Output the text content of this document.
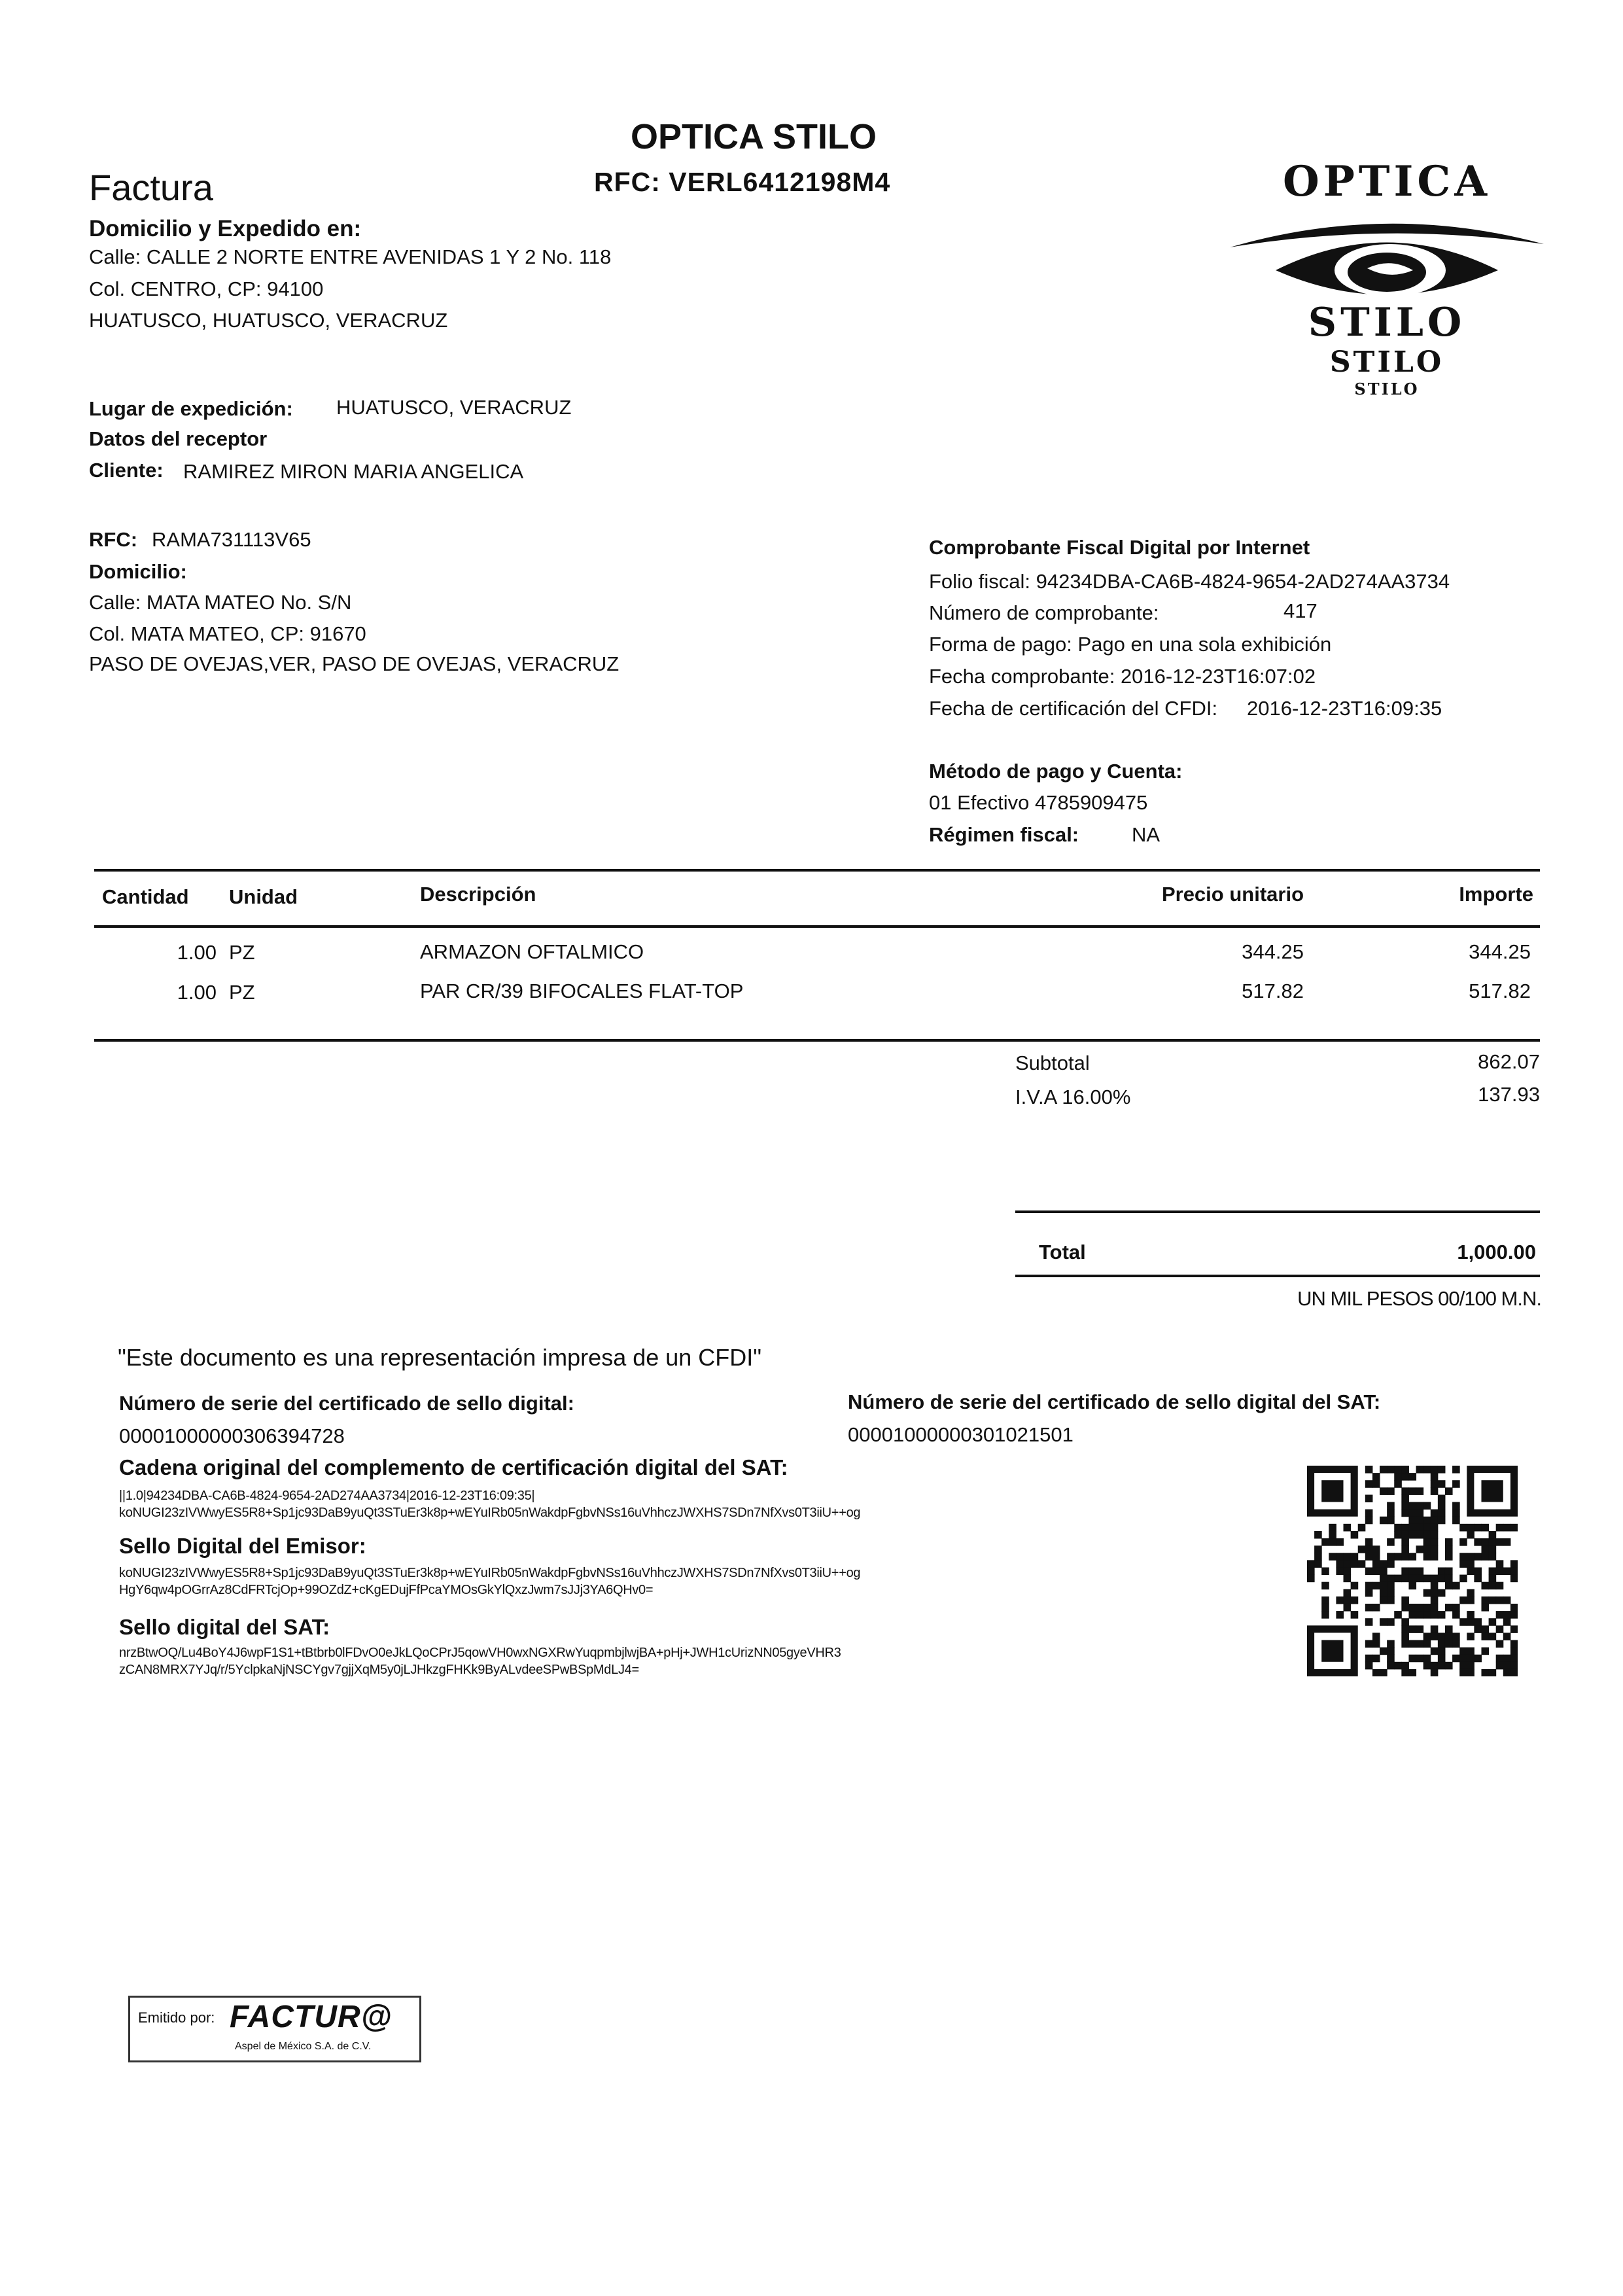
OPTICA STILO
RFC: VERL6412198M4
Factura	OPTICA
STILO
STILO
STILO
Domicilio y Expedido en:
Calle: CALLE 2 NORTE ENTRE AVENIDAS 1 Y 2 No. 118
Col. CENTRO, CP: 94100
HUATUSCO, HUATUSCO, VERACRUZ
Lugar de expedición: HUATUSCO, VERACRUZ
Datos del receptor
Cliente: RAMIREZ MIRON MARIA ANGELICA
RFC: RAMA731113V65
Domicilio:
Calle: MATA MATEO No. S/N
Col. MATA MATEO, CP: 91670
PASO DE OVEJAS,VER, PASO DE OVEJAS, VERACRUZ
Comprobante Fiscal Digital por Internet
Folio fiscal: 94234DBA-CA6B-4824-9654-2AD274AA3734
Número de comprobante:	417
Forma de pago: Pago en una sola exhibición
Fecha comprobante: 2016-12-23T16:07:02
Fecha de certificación del CFDI: 2016-12-23T16:09:35
Método de pago y Cuenta:
01 Efectivo 4785909475
Régimen fiscal:	NA
Cantidad Unidad	Descripción	Precio unitario	Importe
1.00 PZ	ARMAZON OFTALMICO	344.25	344.25
1.00 PZ	PAR CR/39 BIFOCALES FLAT-TOP	517.82	517.82
Subtotal	862.07
I.V.A 16.00%	137.93
Total	1,000.00
UN MIL PESOS 00/100 M.N.
"Este documento es una representación impresa de un CFDI"
Número de serie del certificado de sello digital:
00001000000306394728
Número de serie del certificado de sello digital del SAT:
00001000000301021501
Cadena original del complemento de certificación digital del SAT:
||1.0|94234DBA-CA6B-4824-9654-2AD274AA3734|2016-12-23T16:09:35|
koNUGI23zIVWwyES5R8+Sp1jc93DaB9yuQt3STuEr3k8p+wEYuIRb05nWakdpFgbvNSs16uVhhczJWXHS7SDn7NfXvs0T3iiU++og
Sello Digital del Emisor:
koNUGI23zIVWwyES5R8+Sp1jc93DaB9yuQt3STuEr3k8p+wEYuIRb05nWakdpFgbvNSs16uVhhczJWXHS7SDn7NfXvs0T3iiU++og
HgY6qw4pOGrrAz8CdFRTcjOp+99OZdZ+cKgEDujFfPcaYMOsGkYlQxzJwm7sJJj3YA6QHv0=
Sello digital del SAT:
nrzBtwOQ/Lu4BoY4J6wpF1S1+tBtbrb0lFDvO0eJkLQoCPrJ5qowVH0wxNGXRwYuqpmbjlwjBA+pHj+JWH1cUrizNN05gyeVHR3
zCAN8MRX7YJq/r/5YclpkaNjNSCYgv7gjjXqM5y0jLJHkzgFHKk9ByALvdeeSPwBSpMdLJ4=
Emitido por: FACTUR@
Aspel de México S.A. de C.V.
